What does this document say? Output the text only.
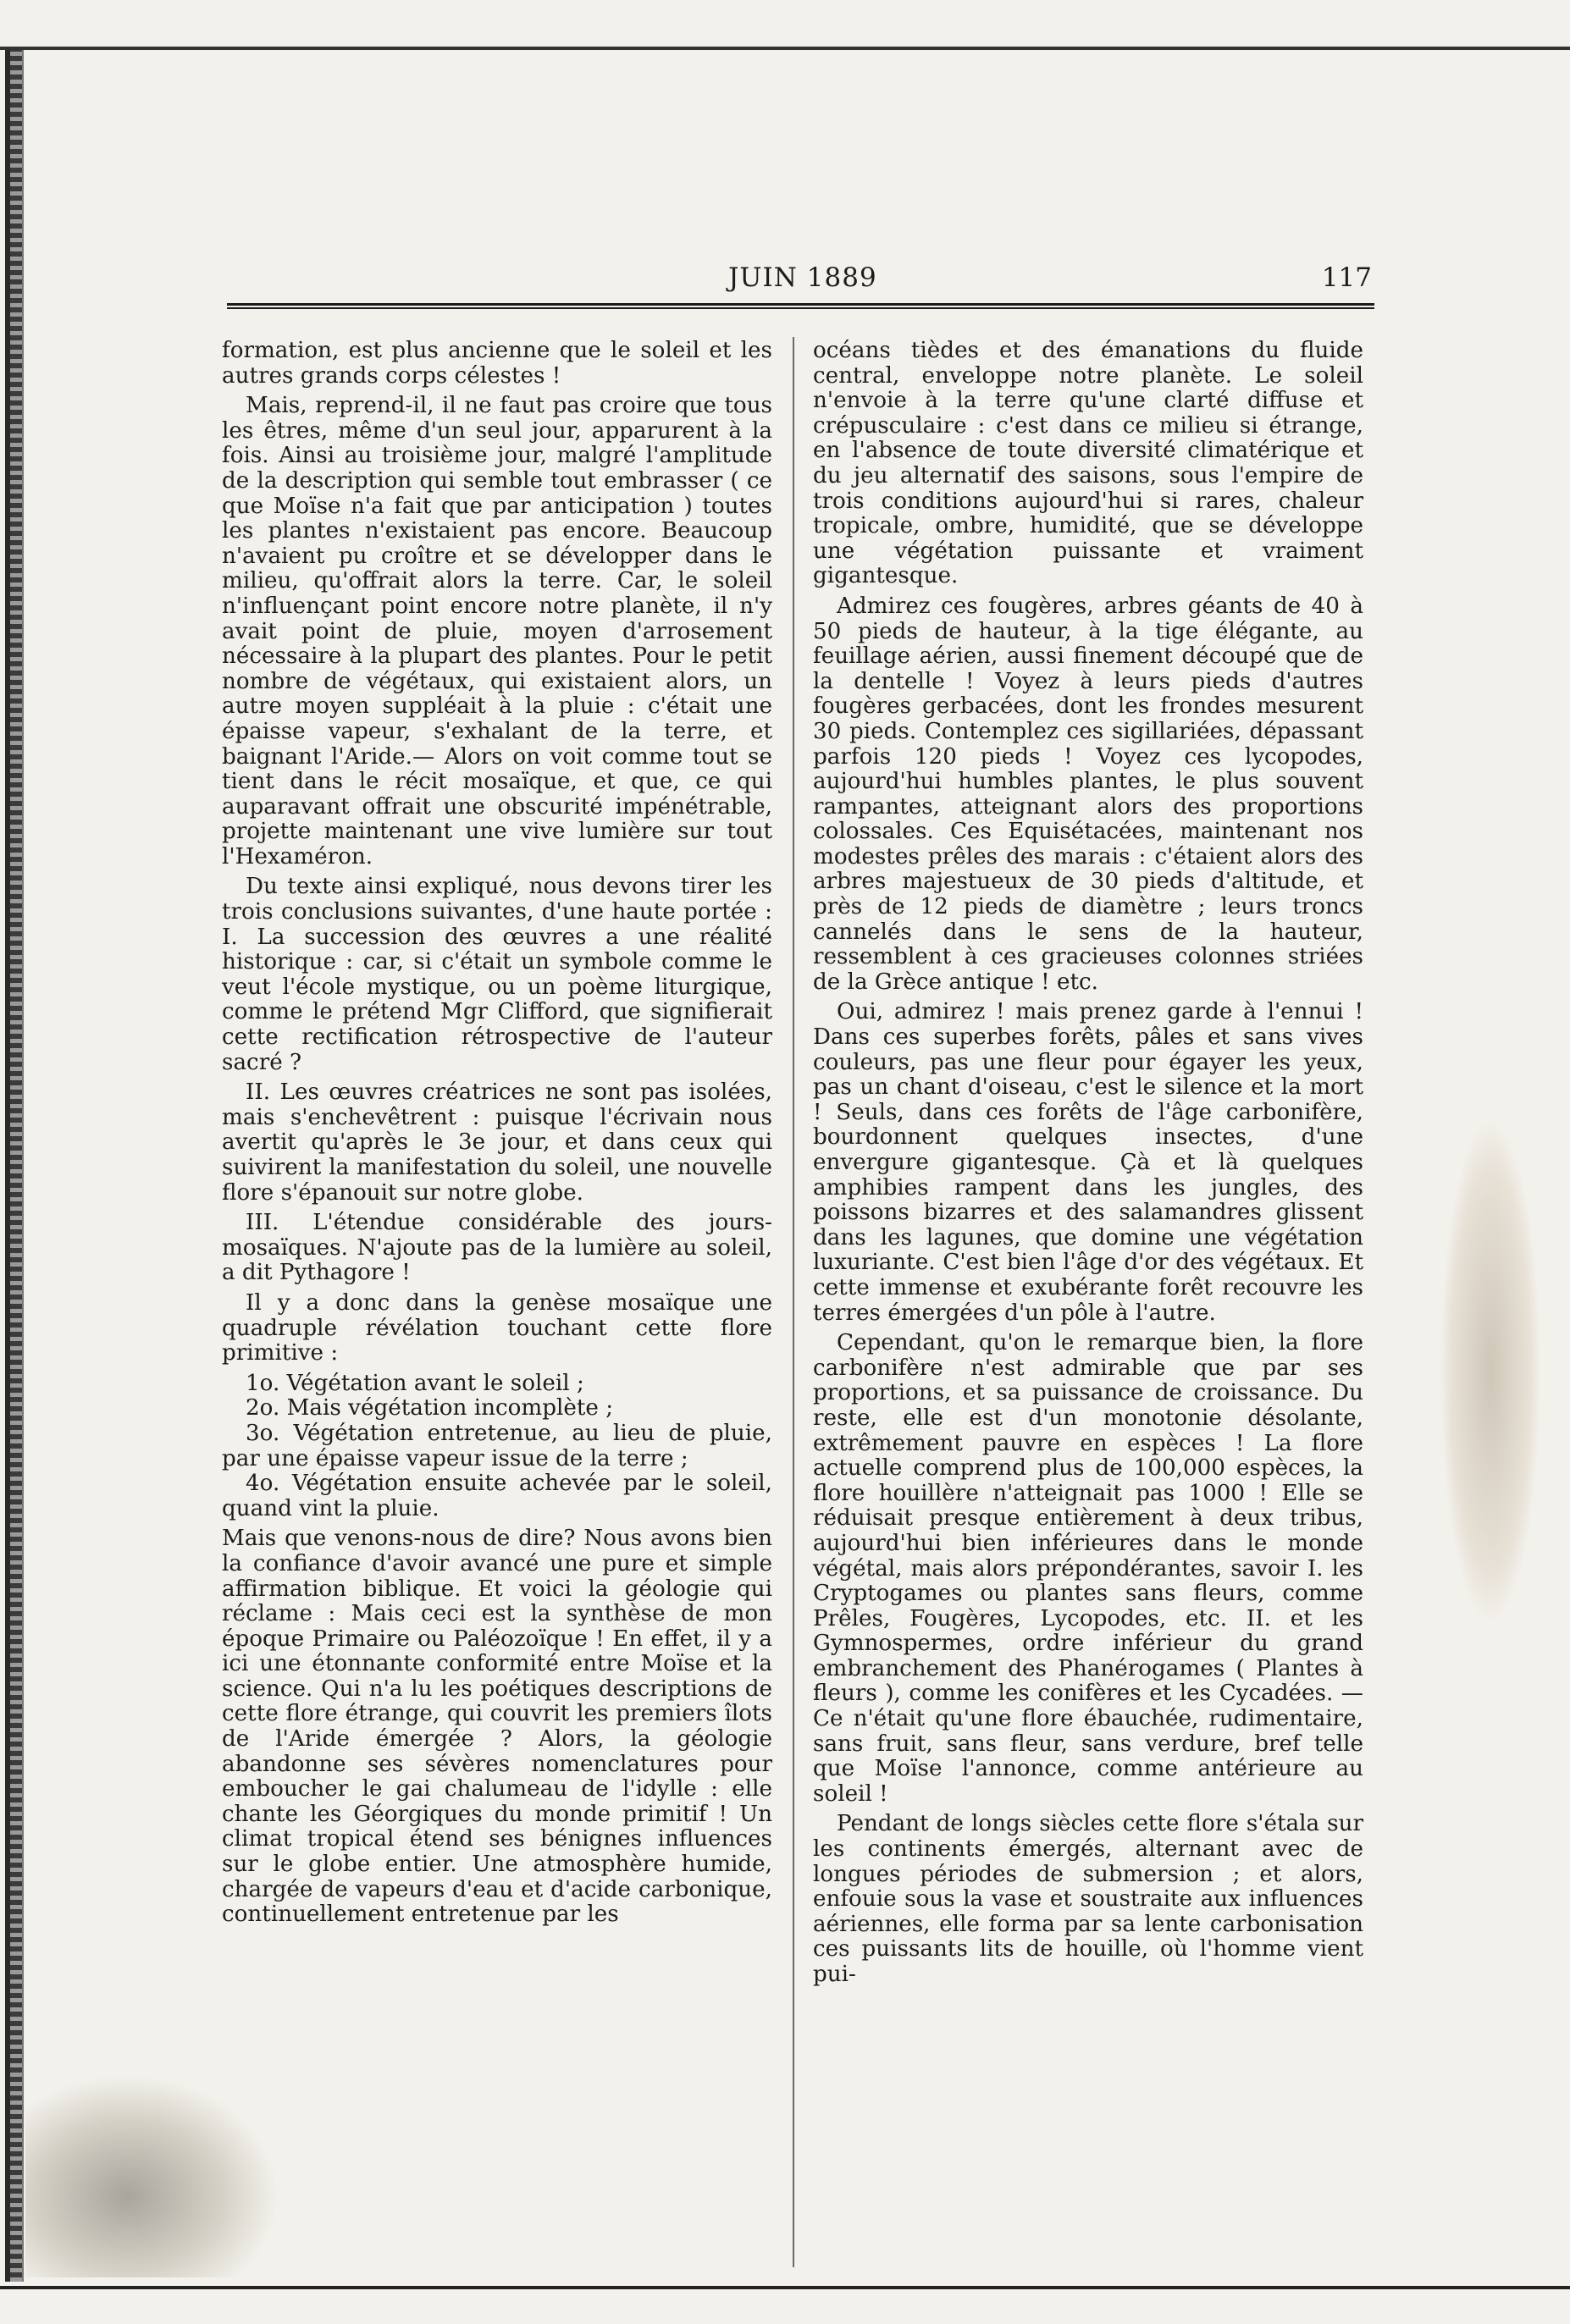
JUIN 1889	117

formation, est plus ancienne que le soleil et les autres grands corps célestes !

Mais, reprend-il, il ne faut pas croire que tous les êtres, même d'un seul jour, apparurent à la fois. Ainsi au troisième jour, malgré l'amplitude de la description qui semble tout embrasser ( ce que Moïse n'a fait que par anticipation ) toutes les plantes n'existaient pas encore. Beaucoup n'avaient pu croître et se développer dans le milieu, qu'offrait alors la terre. Car, le soleil n'influençant point encore notre planète, il n'y avait point de pluie, moyen d'arrosement nécessaire à la plupart des plantes. Pour le petit nombre de végétaux, qui existaient alors, un autre moyen suppléait à la pluie : c'était une épaisse vapeur, s'exhalant de la terre, et baignant l'Aride.— Alors on voit comme tout se tient dans le récit mosaïque, et que, ce qui auparavant offrait une obscurité impénétrable, projette maintenant une vive lumière sur tout l'Hexaméron.

Du texte ainsi expliqué, nous devons tirer les trois conclusions suivantes, d'une haute portée : I. La succession des œuvres a une réalité historique : car, si c'était un symbole comme le veut l'école mystique, ou un poème liturgique, comme le prétend Mgr Clifford, que signifierait cette rectification rétrospective de l'auteur sacré ?

II. Les œuvres créatrices ne sont pas isolées, mais s'enchevêtrent : puisque l'écrivain nous avertit qu'après le 3e jour, et dans ceux qui suivirent la manifestation du soleil, une nouvelle flore s'épanouit sur notre globe.

III. L'étendue considérable des jours-mosaïques. N'ajoute pas de la lumière au soleil, a dit Pythagore !

Il y a donc dans la genèse mosaïque une quadruple révélation touchant cette flore primitive :

1o. Végétation avant le soleil ;

2o. Mais végétation incomplète ;

3o. Végétation entretenue, au lieu de pluie, par une épaisse vapeur issue de la terre ;

4o. Végétation ensuite achevée par le soleil, quand vint la pluie.

Mais que venons-nous de dire? Nous avons bien la confiance d'avoir avancé une pure et simple affirmation biblique. Et voici la géologie qui réclame : Mais ceci est la synthèse de mon époque Primaire ou Paléozoïque ! En effet, il y a ici une étonnante conformité entre Moïse et la science. Qui n'a lu les poétiques descriptions de cette flore étrange, qui couvrit les premiers îlots de l'Aride émergée ? Alors, la géologie abandonne ses sévères nomenclatures pour emboucher le gai chalumeau de l'idylle : elle chante les Géorgiques du monde primitif ! Un climat tropical étend ses bénignes influences sur le globe entier. Une atmosphère humide, chargée de vapeurs d'eau et d'acide carbonique, continuellement entretenue par les

océans tièdes et des émanations du fluide central, enveloppe notre planète. Le soleil n'envoie à la terre qu'une clarté diffuse et crépusculaire : c'est dans ce milieu si étrange, en l'absence de toute diversité climatérique et du jeu alternatif des saisons, sous l'empire de trois conditions aujourd'hui si rares, chaleur tropicale, ombre, humidité, que se développe une végétation puissante et vraiment gigantesque.

Admirez ces fougères, arbres géants de 40 à 50 pieds de hauteur, à la tige élégante, au feuillage aérien, aussi finement découpé que de la dentelle ! Voyez à leurs pieds d'autres fougères gerbacées, dont les frondes mesurent 30 pieds. Contemplez ces sigillariées, dépassant parfois 120 pieds ! Voyez ces lycopodes, aujourd'hui humbles plantes, le plus souvent rampantes, atteignant alors des proportions colossales. Ces Equisétacées, maintenant nos modestes prêles des marais : c'étaient alors des arbres majestueux de 30 pieds d'altitude, et près de 12 pieds de diamètre ; leurs troncs cannelés dans le sens de la hauteur, ressemblent à ces gracieuses colonnes striées de la Grèce antique ! etc.

Oui, admirez ! mais prenez garde à l'ennui ! Dans ces superbes forêts, pâles et sans vives couleurs, pas une fleur pour égayer les yeux, pas un chant d'oiseau, c'est le silence et la mort ! Seuls, dans ces forêts de l'âge carbonifère, bourdonnent quelques insectes, d'une envergure gigantesque. Çà et là quelques amphibies rampent dans les jungles, des poissons bizarres et des salamandres glissent dans les lagunes, que domine une végétation luxuriante. C'est bien l'âge d'or des végétaux. Et cette immense et exubérante forêt recouvre les terres émergées d'un pôle à l'autre.

Cependant, qu'on le remarque bien, la flore carbonifère n'est admirable que par ses proportions, et sa puissance de croissance. Du reste, elle est d'un monotonie désolante, extrêmement pauvre en espèces ! La flore actuelle comprend plus de 100,000 espèces, la flore houillère n'atteignait pas 1000 ! Elle se réduisait presque entièrement à deux tribus, aujourd'hui bien inférieures dans le monde végétal, mais alors prépondérantes, savoir I. les Cryptogames ou plantes sans fleurs, comme Prêles, Fougères, Lycopodes, etc. II. et les Gymnospermes, ordre inférieur du grand embranchement des Phanérogames ( Plantes à fleurs ), comme les conifères et les Cycadées. — Ce n'était qu'une flore ébauchée, rudimentaire, sans fruit, sans fleur, sans verdure, bref telle que Moïse l'annonce, comme antérieure au soleil !

Pendant de longs siècles cette flore s'étala sur les continents émergés, alternant avec de longues périodes de submersion ; et alors, enfouie sous la vase et soustraite aux influences aériennes, elle forma par sa lente carbonisation ces puissants lits de houille, où l'homme vient pui-
